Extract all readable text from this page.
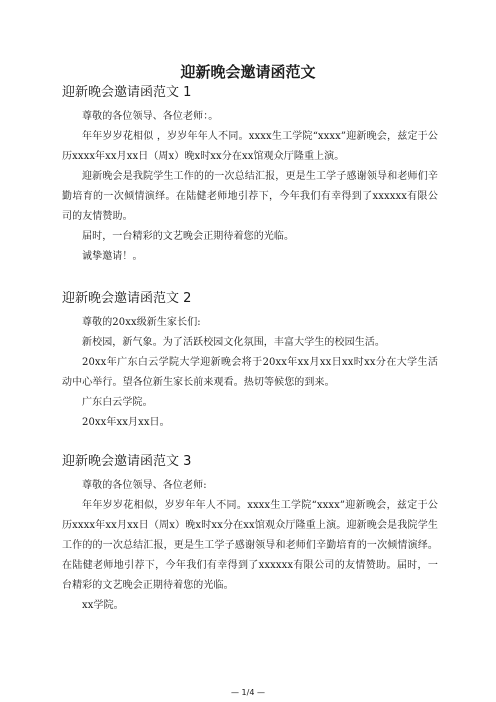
迎新晚会邀请函范文
迎新晚会邀请函范文 1

尊敬的各位领导、各位老师：。

年年岁岁花相似 ，岁岁年年人不同。xxxx生工学院“xxxx”迎新晚会，兹定于公历xxxx年xx月xx日（周x）晚x时xx分在xx馆观众厅隆重上演。

迎新晚会是我院学生工作的的一次总结汇报，更是生工学子感谢领导和老师们辛勤培育的一次倾情演绎。在陆健老师地引荐下，今年我们有幸得到了xxxxxx有限公司的友情赞助。

届时，一台精彩的文艺晚会正期待着您的光临。

诚挚邀请！。

迎新晚会邀请函范文 2

尊敬的20xx级新生家长们:

新校园，新气象。为了活跃校园文化氛围，丰富大学生的校园生活。

20xx年广东白云学院大学迎新晚会将于20xx年xx月xx日xx时xx分在大学生活动中心举行。望各位新生家长前来观看。热切等候您的到来。

广东白云学院。

20xx年xx月xx日。

迎新晚会邀请函范文 3

尊敬的各位领导、各位老师:

年年岁岁花相似，岁岁年年人不同。xxxx生工学院“xxxx”迎新晚会，兹定于公历xxxx年xx月xx日（周x）晚x时xx分在xx馆观众厅隆重上演。迎新晚会是我院学生工作的的一次总结汇报，更是生工学子感谢领导和老师们辛勤培育的一次倾情演绎。在陆健老师地引荐下，今年我们有幸得到了xxxxxx有限公司的友情赞助。届时，一台精彩的文艺晚会正期待着您的光临。

xx学院。

— 1/4 —
